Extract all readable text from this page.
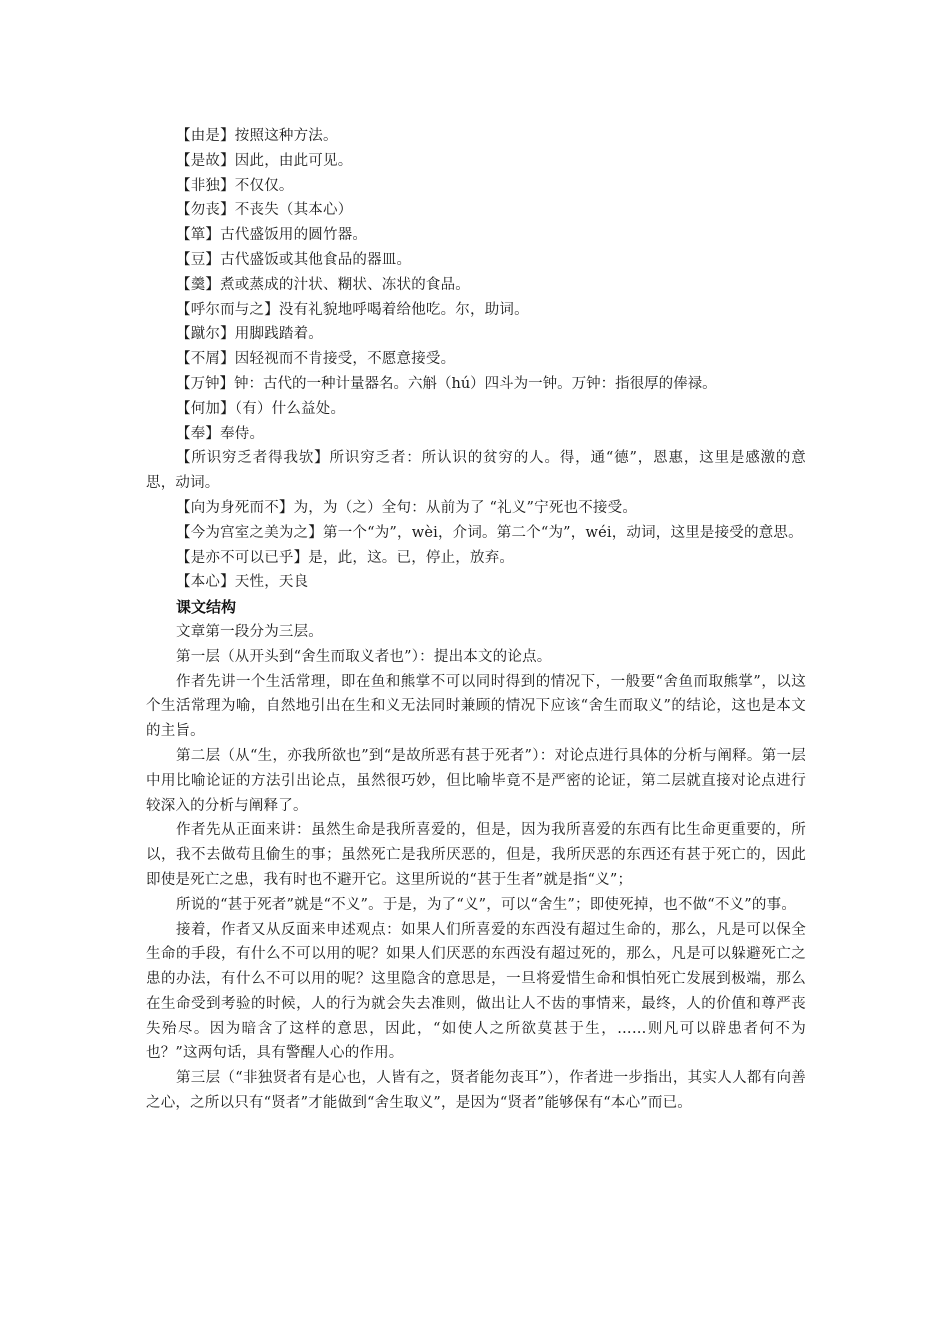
【由是】按照这种方法。
【是故】因此，由此可见。
【非独】不仅仅。
【勿丧】不丧失（其本心）
【箪】古代盛饭用的圆竹器。
【豆】古代盛饭或其他食品的器皿。
【羹】煮或蒸成的汁状、糊状、冻状的食品。
【呼尔而与之】没有礼貌地呼喝着给他吃。尔，助词。
【蹴尔】用脚践踏着。
【不屑】因轻视而不肯接受，不愿意接受。
【万钟】钟：古代的一种计量器名。六斛（hú）四斗为一钟。万钟：指很厚的俸禄。
【何加】（有）什么益处。
【奉】奉侍。
【所识穷乏者得我欤】所识穷乏者：所认识的贫穷的人。得，通“德”，恩惠，这里是感激的意思，动词。
【向为身死而不】为，为（之）全句：从前为了 “礼义”宁死也不接受。
【今为宫室之美为之】第一个“为”，wèi，介词。第二个“为”，wéi，动词，这里是接受的意思。
【是亦不可以已乎】是，此，这。已，停止，放弃。
【本心】天性，天良
课文结构
文章第一段分为三层。
第一层（从开头到“舍生而取义者也”）：提出本文的论点。
作者先讲一个生活常理，即在鱼和熊掌不可以同时得到的情况下，一般要“舍鱼而取熊掌”，以这个生活常理为喻，自然地引出在生和义无法同时兼顾的情况下应该“舍生而取义”的结论，这也是本文的主旨。
第二层（从“生，亦我所欲也”到“是故所恶有甚于死者”）：对论点进行具体的分析与阐释。第一层中用比喻论证的方法引出论点，虽然很巧妙，但比喻毕竟不是严密的论证，第二层就直接对论点进行较深入的分析与阐释了。
作者先从正面来讲：虽然生命是我所喜爱的，但是，因为我所喜爱的东西有比生命更重要的，所以，我不去做苟且偷生的事；虽然死亡是我所厌恶的，但是，我所厌恶的东西还有甚于死亡的，因此即使是死亡之患，我有时也不避开它。这里所说的“甚于生者”就是指“义”；
所说的“甚于死者”就是“不义”。于是，为了“义”，可以“舍生”；即使死掉，也不做“不义”的事。
接着，作者又从反面来申述观点：如果人们所喜爱的东西没有超过生命的，那么，凡是可以保全生命的手段，有什么不可以用的呢？如果人们厌恶的东西没有超过死的，那么，凡是可以躲避死亡之患的办法，有什么不可以用的呢？这里隐含的意思是，一旦将爱惜生命和惧怕死亡发展到极端，那么在生命受到考验的时候，人的行为就会失去准则，做出让人不齿的事情来，最终，人的价值和尊严丧失殆尽。因为暗含了这样的意思，因此，“如使人之所欲莫甚于生，……则凡可以辟患者何不为也？”这两句话，具有警醒人心的作用。
第三层（“非独贤者有是心也，人皆有之，贤者能勿丧耳”），作者进一步指出，其实人人都有向善之心，之所以只有“贤者”才能做到“舍生取义”，是因为“贤者”能够保有“本心”而已。
